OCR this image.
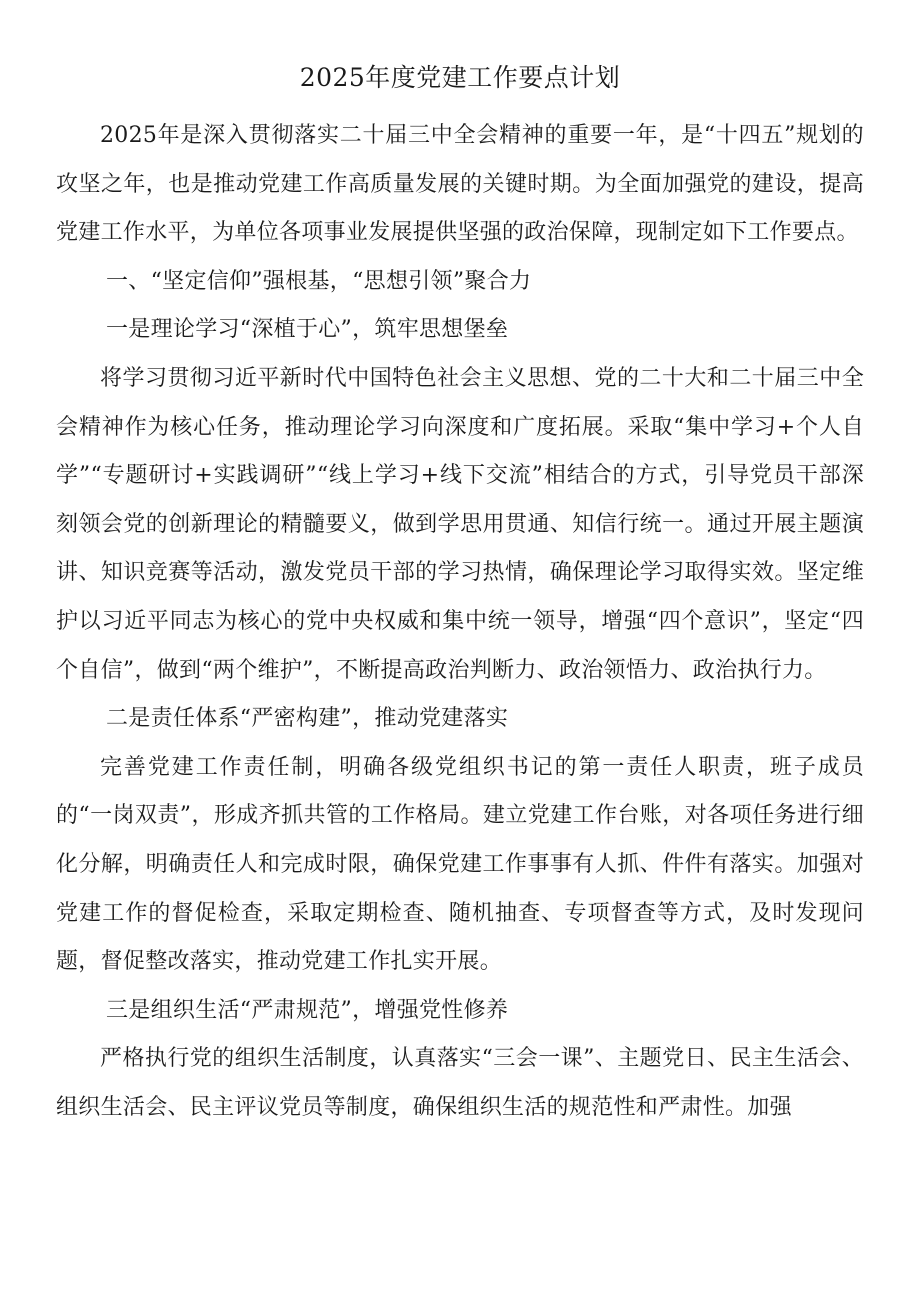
2025年度党建工作要点计划

2025年是深入贯彻落实二十届三中全会精神的重要一年，是“十四五”规划的攻坚之年，也是推动党建工作高质量发展的关键时期。为全面加强党的建设，提高党建工作水平，为单位各项事业发展提供坚强的政治保障，现制定如下工作要点。

一、“坚定信仰”强根基，“思想引领”聚合力

一是理论学习“深植于心”，筑牢思想堡垒

将学习贯彻习近平新时代中国特色社会主义思想、党的二十大和二十届三中全会精神作为核心任务，推动理论学习向深度和广度拓展。采取“集中学习+个人自学”“专题研讨+实践调研”“线上学习+线下交流”相结合的方式，引导党员干部深刻领会党的创新理论的精髓要义，做到学思用贯通、知信行统一。通过开展主题演讲、知识竞赛等活动，激发党员干部的学习热情，确保理论学习取得实效。坚定维护以习近平同志为核心的党中央权威和集中统一领导，增强“四个意识”，坚定“四个自信”，做到“两个维护”，不断提高政治判断力、政治领悟力、政治执行力。

二是责任体系“严密构建”，推动党建落实

完善党建工作责任制，明确各级党组织书记的第一责任人职责，班子成员的“一岗双责”，形成齐抓共管的工作格局。建立党建工作台账，对各项任务进行细化分解，明确责任人和完成时限，确保党建工作事事有人抓、件件有落实。加强对党建工作的督促检查，采取定期检查、随机抽查、专项督查等方式，及时发现问题，督促整改落实，推动党建工作扎实开展。

三是组织生活“严肃规范”，增强党性修养

严格执行党的组织生活制度，认真落实“三会一课”、主题党日、民主生活会、组织生活会、民主评议党员等制度，确保组织生活的规范性和严肃性。加强
